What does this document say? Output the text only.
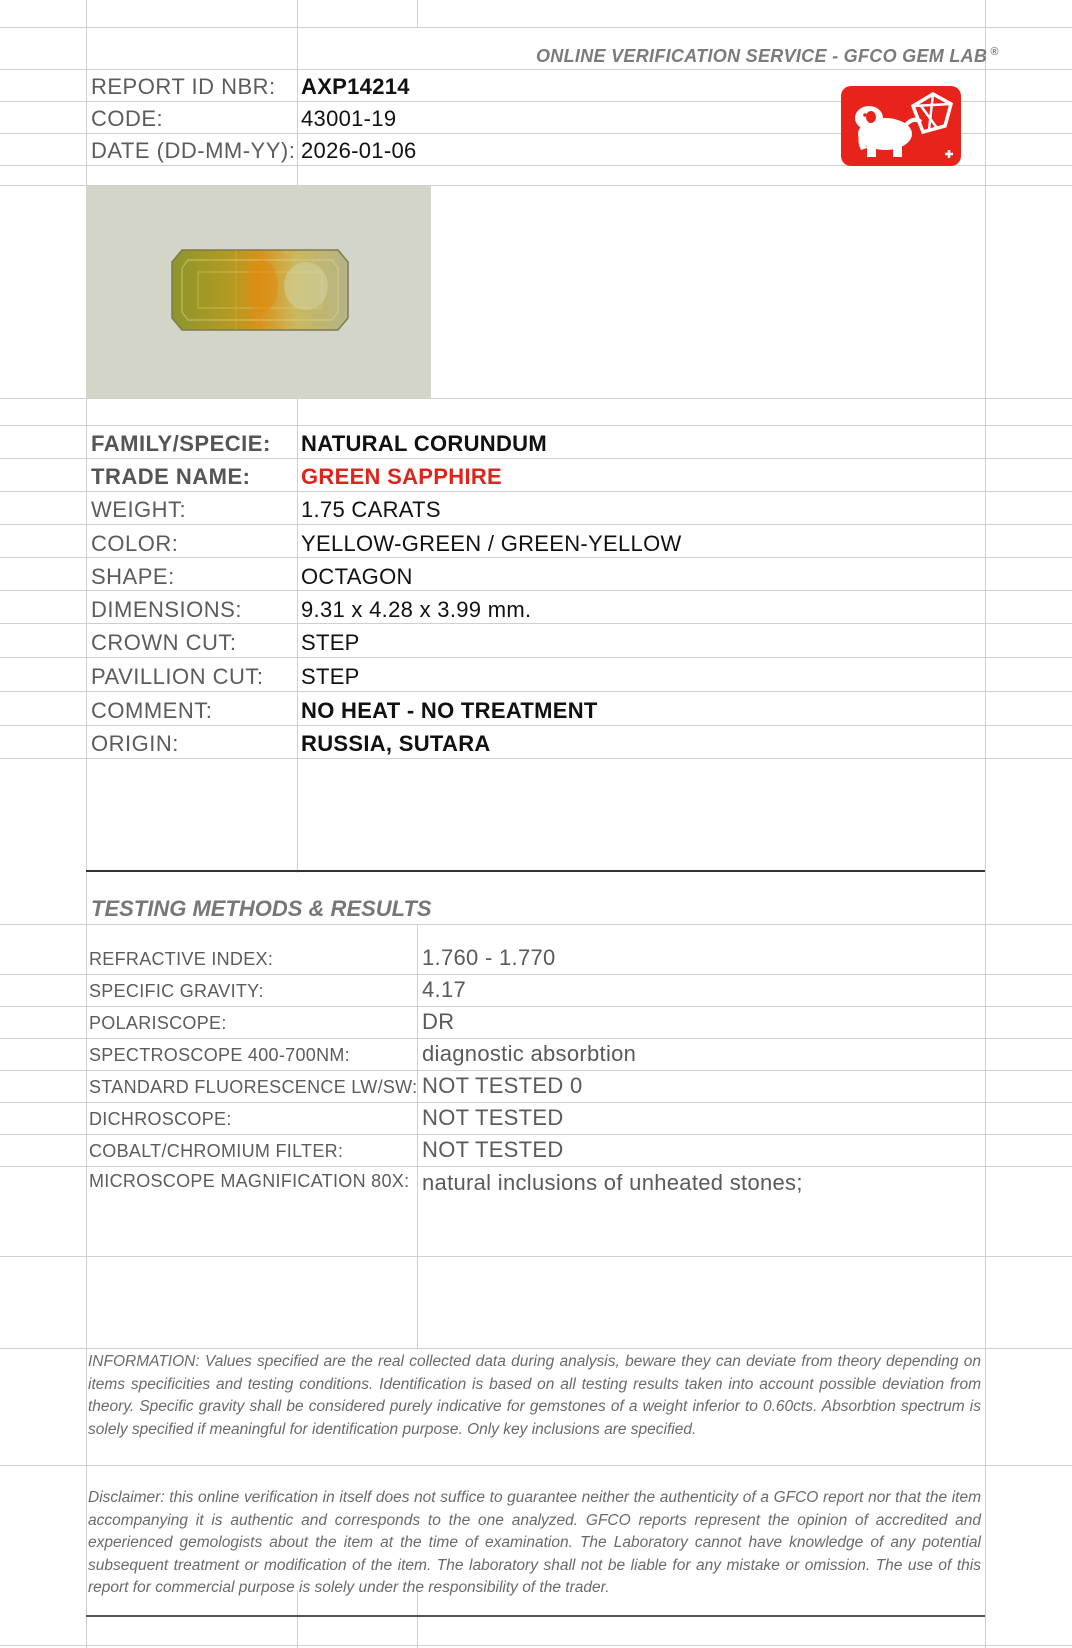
ONLINE VERIFICATION SERVICE - GFCO GEM LAB ®
REPORT ID NBR: AXP14214
CODE:	43001-19
DATE (DD-MM-YY): 2026-01-06
FAMILY/SPECIE: NATURAL CORUNDUM
TRADE NAME: GREEN SAPPHIRE
WEIGHT:	1.75 CARATS
COLOR:	YELLOW-GREEN / GREEN-YELLOW
SHAPE:	OCTAGON
DIMENSIONS:	9.31 x 4.28 x 3.99 mm.
CROWN CUT:	STEP
PAVILLION CUT: STEP
COMMENT:	NO HEAT - NO TREATMENT
ORIGIN:	RUSSIA, SUTARA
TESTING METHODS & RESULTS
REFRACTIVE INDEX:	1.760 - 1.770
SPECIFIC GRAVITY:	4.17
POLARISCOPE:	DR
SPECTROSCOPE 400-700NM:	diagnostic absorbtion
STANDARD FLUORESCENCE LW/SW: NOT TESTED 0
DICHROSCOPE:	NOT TESTED
COBALT/CHROMIUM FILTER:	NOT TESTED
MICROSCOPE MAGNIFICATION 80X: natural inclusions of unheated stones;
INFORMATION: Values specified are the real collected data during analysis, beware they can deviate from theory depending on items specificities and testing conditions. Identification is based on all testing results taken into account possible deviation from theory. Specific gravity shall be considered purely indicative for gemstones of a weight inferior to 0.60cts. Absorbtion spectrum is solely specified if meaningful for identification purpose. Only key inclusions are specified.
Disclaimer: this online verification in itself does not suffice to guarantee neither the authenticity of a GFCO report nor that the item accompanying it is authentic and corresponds to the one analyzed. GFCO reports represent the opinion of accredited and experienced gemologists about the item at the time of examination. The Laboratory cannot have knowledge of any potential subsequent treatment or modification of the item. The laboratory shall not be liable for any mistake or omission. The use of this report for commercial purpose is solely under the responsibility of the trader.
